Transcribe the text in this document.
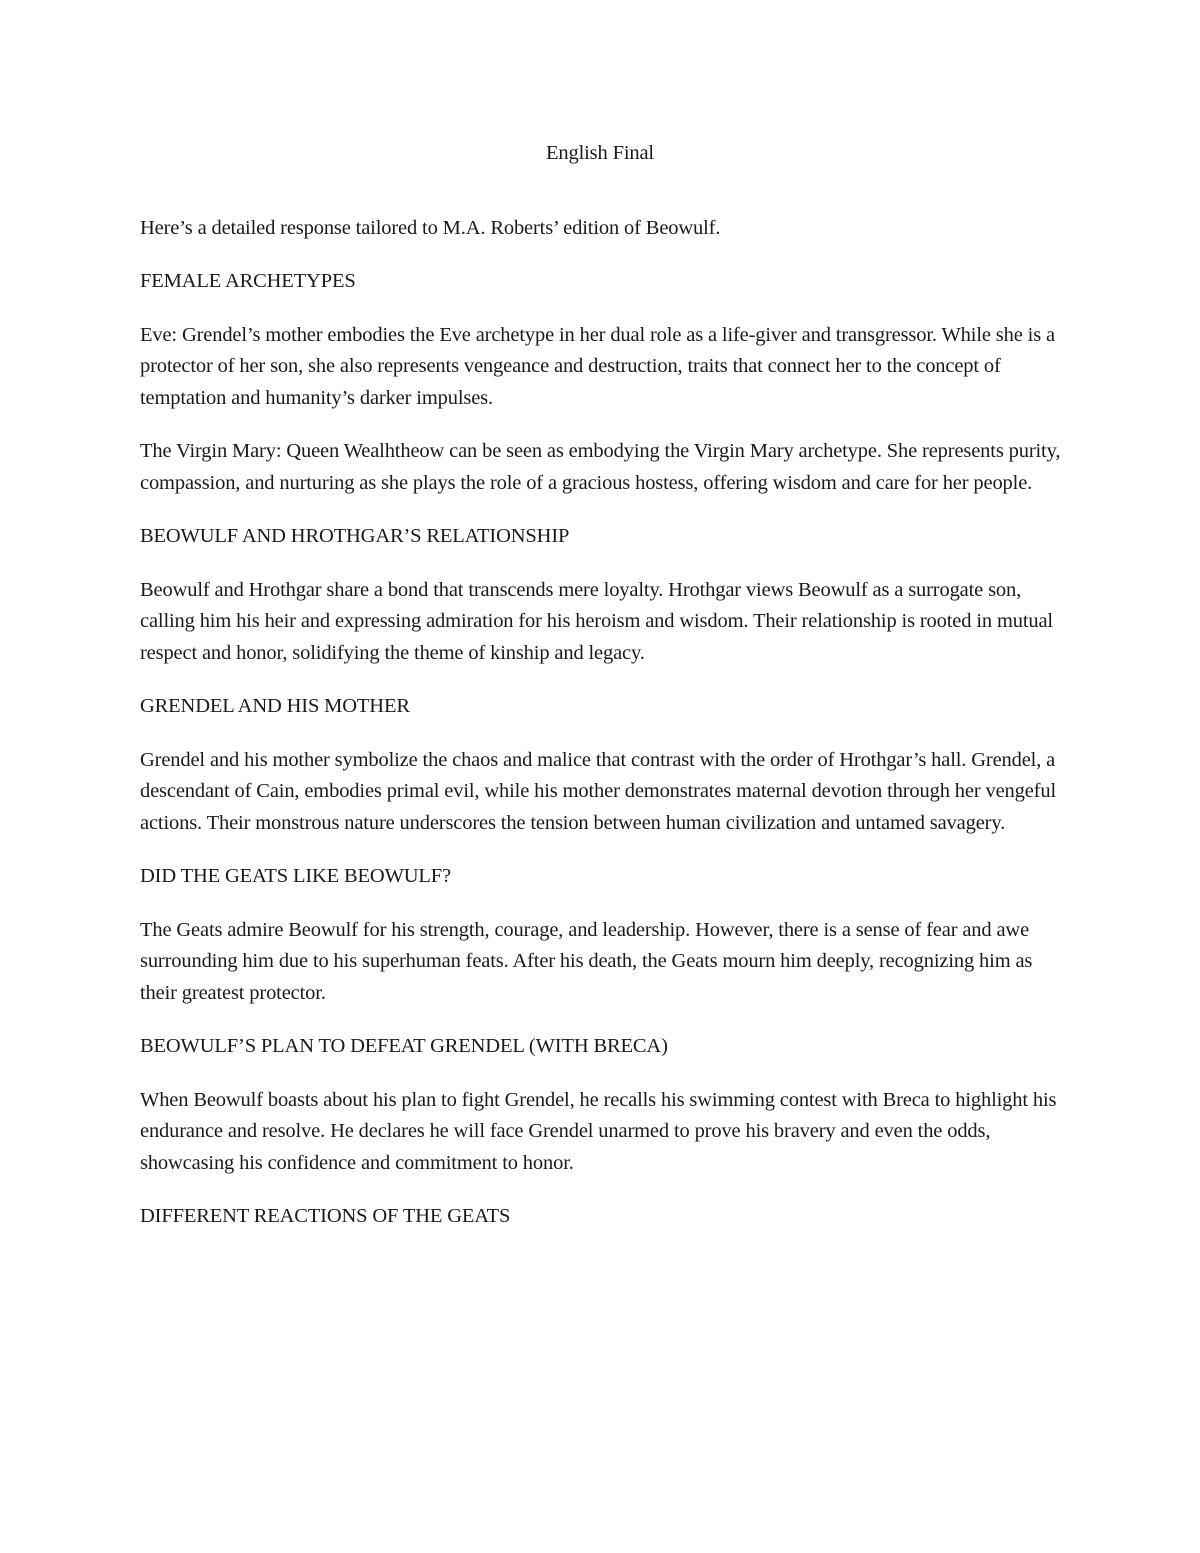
English Final

Here’s a detailed response tailored to M.A. Roberts’ edition of Beowulf.

FEMALE ARCHETYPES

Eve: Grendel’s mother embodies the Eve archetype in her dual role as a life-giver and transgressor. While she is a protector of her son, she also represents vengeance and destruction, traits that connect her to the concept of temptation and humanity’s darker impulses.

The Virgin Mary: Queen Wealhtheow can be seen as embodying the Virgin Mary archetype. She represents purity, compassion, and nurturing as she plays the role of a gracious hostess, offering wisdom and care for her people.

BEOWULF AND HROTHGAR’S RELATIONSHIP

Beowulf and Hrothgar share a bond that transcends mere loyalty. Hrothgar views Beowulf as a surrogate son, calling him his heir and expressing admiration for his heroism and wisdom. Their relationship is rooted in mutual respect and honor, solidifying the theme of kinship and legacy.

GRENDEL AND HIS MOTHER

Grendel and his mother symbolize the chaos and malice that contrast with the order of Hrothgar’s hall. Grendel, a descendant of Cain, embodies primal evil, while his mother demonstrates maternal devotion through her vengeful actions. Their monstrous nature underscores the tension between human civilization and untamed savagery.

DID THE GEATS LIKE BEOWULF?

The Geats admire Beowulf for his strength, courage, and leadership. However, there is a sense of fear and awe surrounding him due to his superhuman feats. After his death, the Geats mourn him deeply, recognizing him as their greatest protector.

BEOWULF’S PLAN TO DEFEAT GRENDEL (WITH BRECA)

When Beowulf boasts about his plan to fight Grendel, he recalls his swimming contest with Breca to highlight his endurance and resolve. He declares he will face Grendel unarmed to prove his bravery and even the odds, showcasing his confidence and commitment to honor.

DIFFERENT REACTIONS OF THE GEATS
